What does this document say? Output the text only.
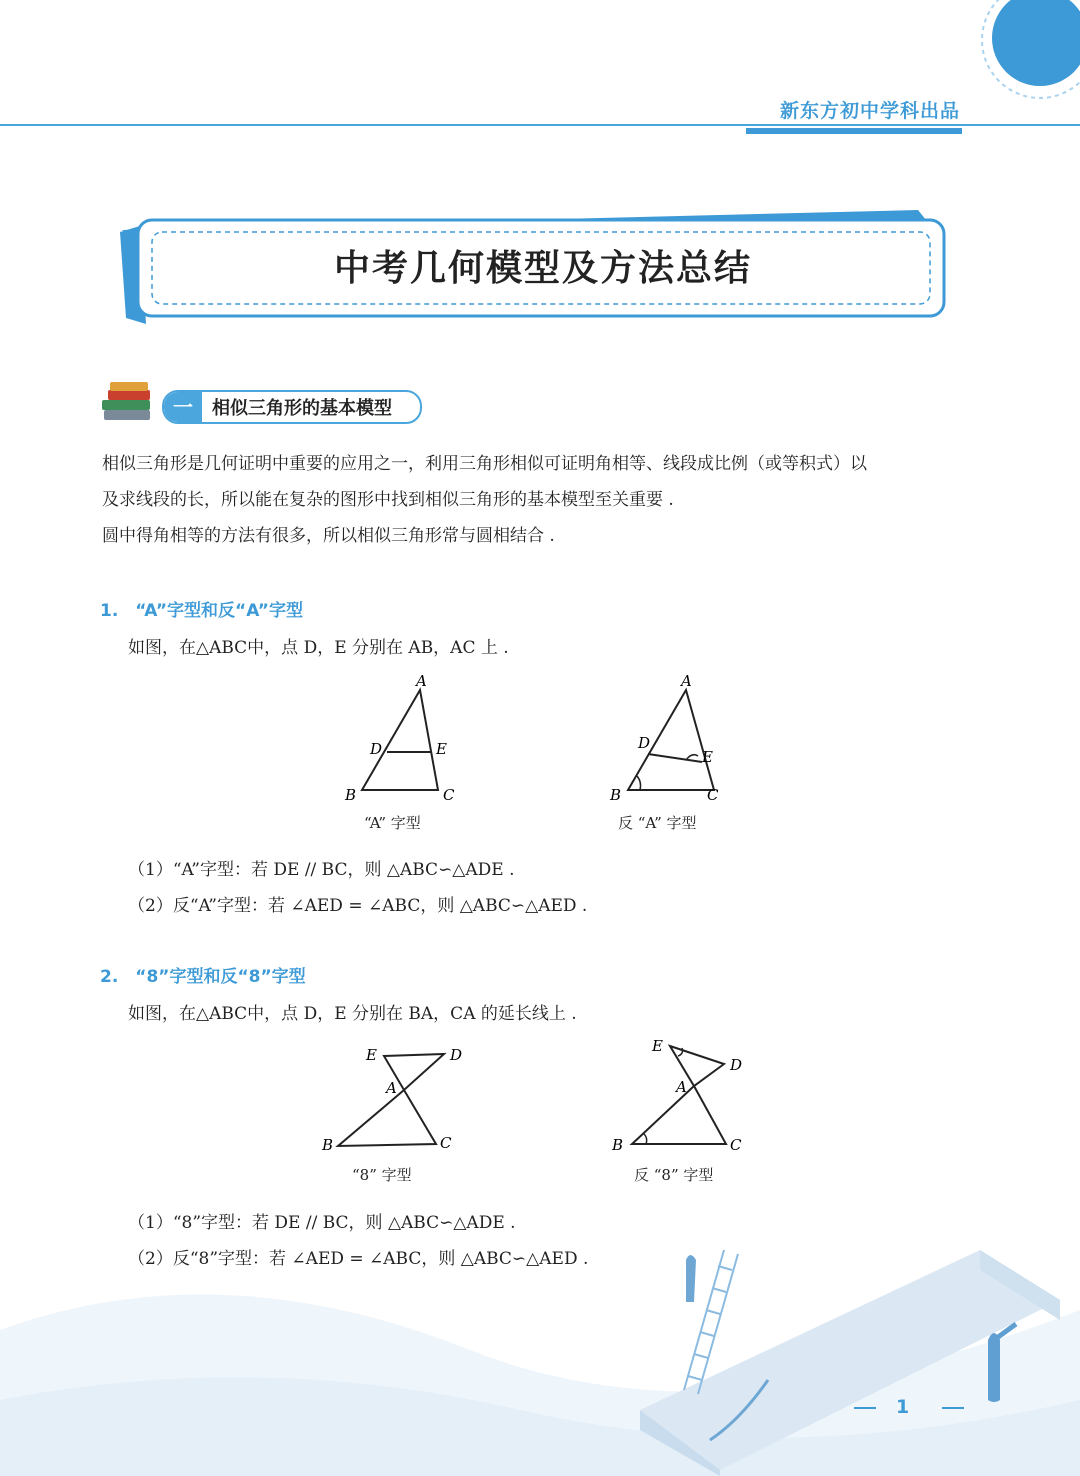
新东方初中学科出品
中考几何模型及方法总结
一	相似三角形的基本模型
相似三角形是几何证明中重要的应用之一，利用三角形相似可证明角相等、线段成比例（或等积式）以
及求线段的长，所以能在复杂的图形中找到相似三角形的基本模型至关重要 .
圆中得角相等的方法有很多，所以相似三角形常与圆相结合 .
1.　“A”字型和反“A”字型
如图，在△ABC中，点 D，E 分别在 AB，AC 上 .
A
D	E
B	C
“A” 字型
A
D
E
B	C
反 “A” 字型
（1）“A”字型：若 DE // BC，则 △ABC∽△ADE .
（2）反“A”字型：若 ∠AED = ∠ABC，则 △ABC∽△AED .
2.　“8”字型和反“8”字型
如图，在△ABC中，点 D，E 分别在 BA，CA 的延长线上 .
E	D
A
B	C
“8” 字型
E
D
A
B	C
反 “8” 字型
（1）“8”字型：若 DE // BC，则 △ABC∽△ADE .
（2）反“8”字型：若 ∠AED = ∠ABC，则 △ABC∽△AED .
1
